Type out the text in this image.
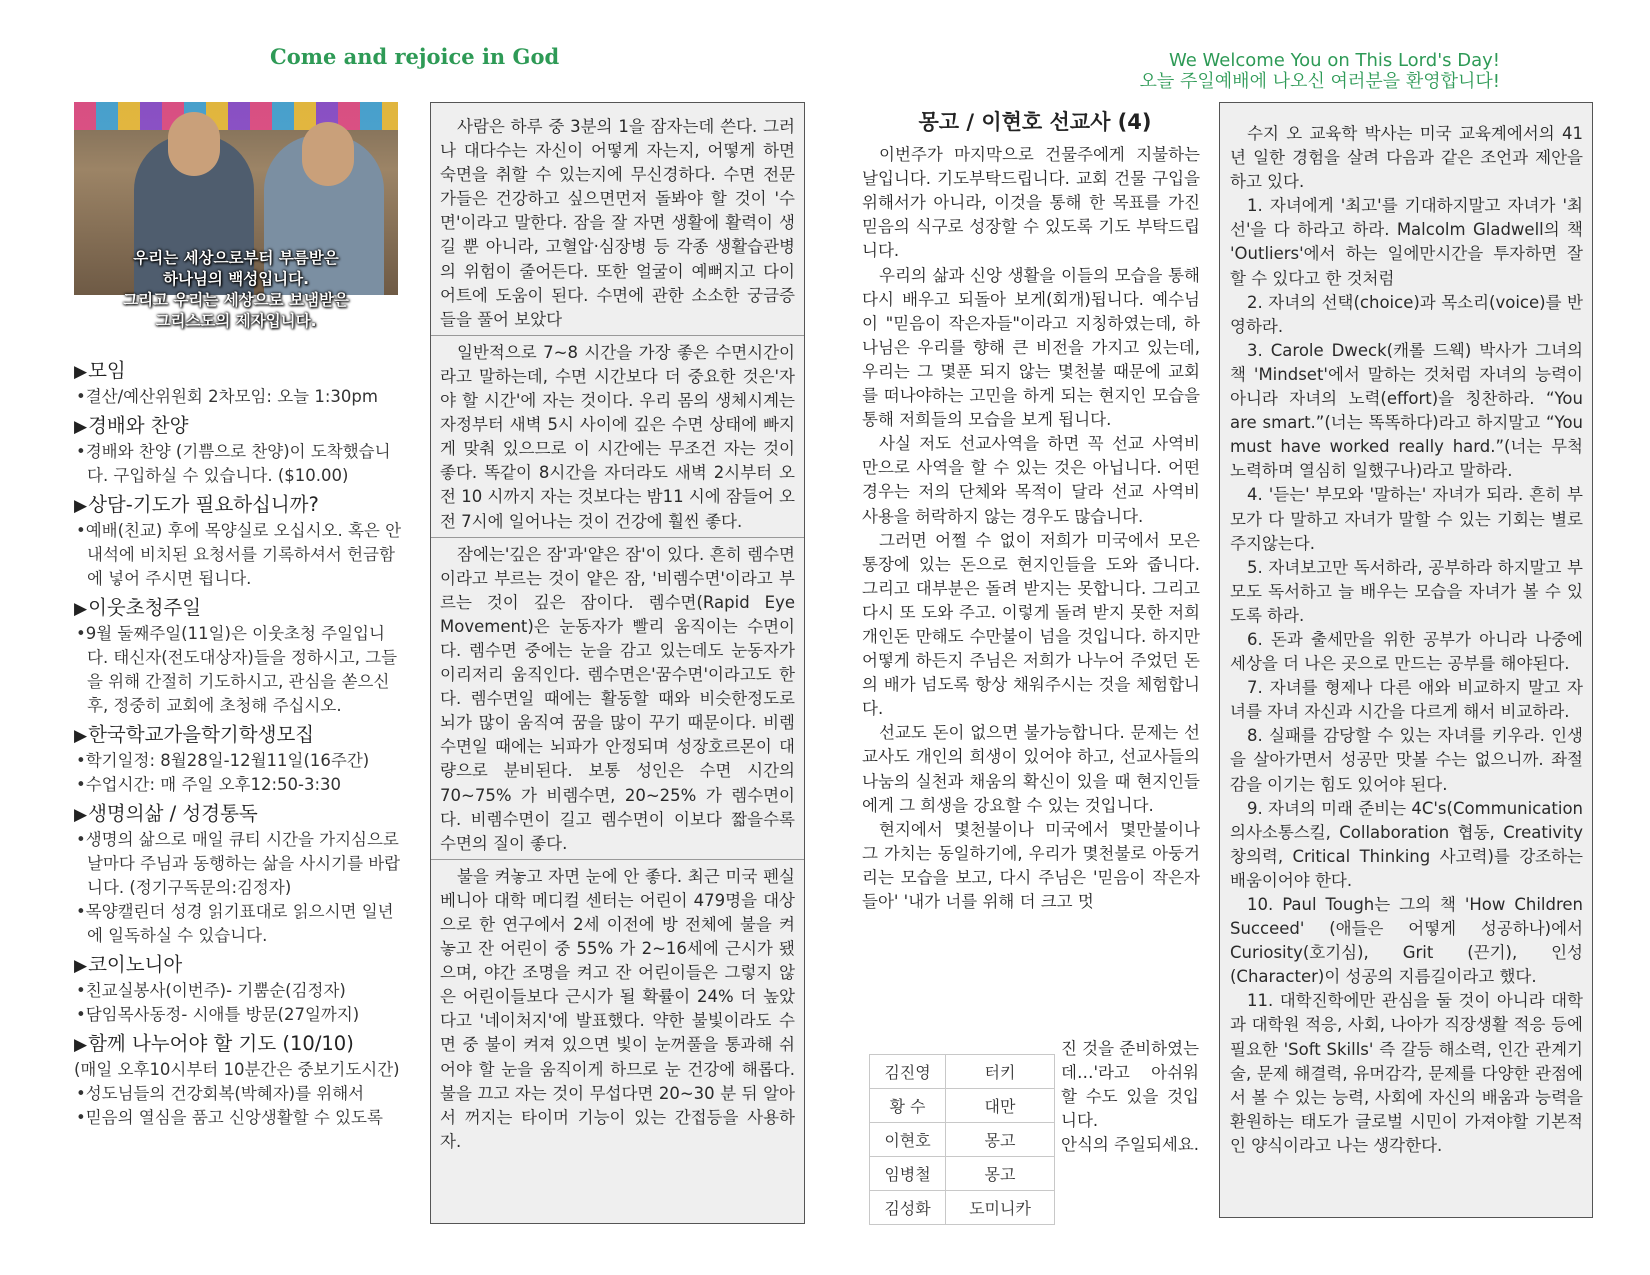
Come and rejoice in God	We Welcome You on This Lord's Day!
오늘 주일예배에 나오신 여러분을 환영합니다!
우리는 세상으로부터 부름받은
하나님의 백성입니다.
그리고 우리는 세상으로 보냄받은
그리스도의 제자입니다.
▶모임
•결산/예산위원회 2차모임: 오늘 1:30pm
▶경배와 찬양
•경배와 찬양 (기쁨으로 찬양)이 도착했습니다. 구입하실 수 있습니다. ($10.00)
▶상담-기도가 필요하십니까?
•예배(친교) 후에 목양실로 오십시오. 혹은 안내석에 비치된 요청서를 기록하셔서 헌금함에 넣어 주시면 됩니다.
▶이웃초청주일
•9월 둘째주일(11일)은 이웃초청 주일입니다. 태신자(전도대상자)들을 정하시고, 그들을 위해 간절히 기도하시고, 관심을 쏟으신 후, 정중히 교회에 초청해 주십시오.
▶한국학교가을학기학생모집
•학기일정: 8월28일-12월11일(16주간)
•수업시간: 매 주일 오후12:50-3:30
▶생명의삶 / 성경통독
•생명의 삶으로 매일 큐티 시간을 가지심으로 날마다 주님과 동행하는 삶을 사시기를 바랍니다. (정기구독문의:김정자)
•목양캘린더 성경 읽기표대로 읽으시면 일년에 일독하실 수 있습니다.
▶코이노니아
•친교실봉사(이번주)- 기뿜순(김정자)
•담임목사동정- 시애틀 방문(27일까지)
▶함께 나누어야 할 기도 (10/10)
(매일 오후10시부터 10분간은 중보기도시간)
•성도님들의 건강회복(박혜자)를 위해서
•믿음의 열심을 품고 신앙생활할 수 있도록

사람은 하루 중 3분의 1을 잠자는데 쓴다. 그러나 대다수는 자신이 어떻게 자는지, 어떻게 하면 숙면을 취할 수 있는지에 무신경하다. 수면 전문가들은 건강하고 싶으면먼저 돌봐야 할 것이 '수면'이라고 말한다. 잠을 잘 자면 생활에 활력이 생길 뿐 아니라, 고혈압·심장병 등 각종 생활습관병의 위험이 줄어든다. 또한 얼굴이 예뻐지고 다이어트에 도움이 된다. 수면에 관한 소소한 궁금증들을 풀어 보았다

일반적으로 7~8 시간을 가장 좋은 수면시간이라고 말하는데, 수면 시간보다 더 중요한 것은'자야 할 시간'에 자는 것이다. 우리 몸의 생체시계는 자정부터 새벽 5시 사이에 깊은 수면 상태에 빠지게 맞춰 있으므로 이 시간에는 무조건 자는 것이 좋다. 똑같이 8시간을 자더라도 새벽 2시부터 오전 10 시까지 자는 것보다는 밤11 시에 잠들어 오전 7시에 일어나는 것이 건강에 훨씬 좋다.

잠에는'깊은 잠'과'얕은 잠'이 있다. 흔히 렘수면이라고 부르는 것이 얕은 잠, '비렘수면'이라고 부르는 것이 깊은 잠이다. 렘수면(Rapid Eye Movement)은 눈동자가 빨리 움직이는 수면이다. 렘수면 중에는 눈을 감고 있는데도 눈동자가 이리저리 움직인다. 렘수면은'꿈수면'이라고도 한다. 렘수면일 때에는 활동할 때와 비슷한정도로 뇌가 많이 움직여 꿈을 많이 꾸기 때문이다. 비렘수면일 때에는 뇌파가 안정되며 성장호르몬이 대량으로 분비된다. 보통 성인은 수면 시간의 70~75% 가 비렘수면, 20~25% 가 렘수면이다. 비렘수면이 길고 렘수면이 이보다 짧을수록 수면의 질이 좋다.

불을 켜놓고 자면 눈에 안 좋다. 최근 미국 펜실베니아 대학 메디컬 센터는 어린이 479명을 대상으로 한 연구에서 2세 이전에 방 전체에 불을 켜놓고 잔 어린이 중 55% 가 2~16세에 근시가 됐으며, 야간 조명을 켜고 잔 어린이들은 그렇지 않은 어린이들보다 근시가 될 확률이 24% 더 높았다고 '네이처지'에 발표했다. 약한 불빛이라도 수면 중 불이 켜져 있으면 빛이 눈꺼풀을 통과해 쉬어야 할 눈을 움직이게 하므로 눈 건강에 해롭다. 불을 끄고 자는 것이 무섭다면 20~30 분 뒤 알아서 꺼지는 타이머 기능이 있는 간접등을 사용하자.

몽고 / 이현호 선교사 (4)

이번주가 마지막으로 건물주에게 지불하는 날입니다. 기도부탁드립니다. 교회 건물 구입을 위해서가 아니라, 이것을 통해 한 목표를 가진 믿음의 식구로 성장할 수 있도록 기도 부탁드립니다.

우리의 삶과 신앙 생활을 이들의 모습을 통해 다시 배우고 되돌아 보게(회개)됩니다. 예수님이 "믿음이 작은자들"이라고 지칭하였는데, 하나님은 우리를 향해 큰 비전을 가지고 있는데, 우리는 그 몇푼 되지 않는 몇천불 때문에 교회를 떠나야하는 고민을 하게 되는 현지인 모습을 통해 저희들의 모습을 보게 됩니다.

사실 저도 선교사역을 하면 꼭 선교 사역비 만으로 사역을 할 수 있는 것은 아닙니다. 어떤 경우는 저의 단체와 목적이 달라 선교 사역비 사용을 허락하지 않는 경우도 많습니다.

그러면 어쩔 수 없이 저희가 미국에서 모은 통장에 있는 돈으로 현지인들을 도와 줍니다. 그리고 대부분은 돌려 받지는 못합니다. 그리고 다시 또 도와 주고. 이렇게 돌려 받지 못한 저희 개인돈 만해도 수만불이 넘을 것입니다. 하지만 어떻게 하든지 주님은 저희가 나누어 주었던 돈의 배가 넘도록 항상 채워주시는 것을 체험합니다.

선교도 돈이 없으면 불가능합니다. 문제는 선교사도 개인의 희생이 있어야 하고, 선교사들의 나눔의 실천과 채움의 확신이 있을 때 현지인들에게 그 희생을 강요할 수 있는 것입니다.

현지에서 몇천불이나 미국에서 몇만불이나 그 가치는 동일하기에, 우리가 몇천불로 아둥거리는 모습을 보고, 다시 주님은 '믿음이 작은자들아' '내가 너를 위해 더 크고 멋

진 것을 준비하였는데…'라고 아쉬워 할 수도 있을 것입니다.
안식의 주일되세요.
김진영	터키
황 수	대만
이현호	몽고
임병철	몽고
김성화	도미니카

수지 오 교육학 박사는 미국 교육계에서의 41년 일한 경험을 살려 다음과 같은 조언과 제안을 하고 있다.

1. 자녀에게 '최고'를 기대하지말고 자녀가 '최선'을 다 하라고 하라. Malcolm Gladwell의 책 'Outliers'에서 하는 일에만시간을 투자하면 잘 할 수 있다고 한 것처럼

2. 자녀의 선택(choice)과 목소리(voice)를 반영하라.

3. Carole Dweck(캐롤 드웩) 박사가 그녀의 책 'Mindset'에서 말하는 것처럼 자녀의 능력이 아니라 자녀의 노력(effort)을 칭찬하라. “You are smart.”(너는 똑똑하다)라고 하지말고 “You must have worked really hard.”(너는 무척 노력하며 열심히 일했구나)라고 말하라.

4. '듣는' 부모와 '말하는' 자녀가 되라. 흔히 부모가 다 말하고 자녀가 말할 수 있는 기회는 별로 주지않는다.

5. 자녀보고만 독서하라, 공부하라 하지말고 부모도 독서하고 늘 배우는 모습을 자녀가 볼 수 있도록 하라.

6. 돈과 출세만을 위한 공부가 아니라 나중에 세상을 더 나은 곳으로 만드는 공부를 해야된다.

7. 자녀를 형제나 다른 애와 비교하지 말고 자녀를 자녀 자신과 시간을 다르게 해서 비교하라.

8. 실패를 감당할 수 있는 자녀를 키우라. 인생을 살아가면서 성공만 맛볼 수는 없으니까. 좌절감을 이기는 힘도 있어야 된다.

9. 자녀의 미래 준비는 4C's(Communication 의사소통스킬, Collaboration 협동, Creativity 창의력, Critical Thinking 사고력)를 강조하는 배움이어야 한다.

10. Paul Tough는 그의 책 'How Children Succeed' (애들은 어떻게 성공하나)에서 Curiosity(호기심), Grit (끈기), 인성(Character)이 성공의 지름길이라고 했다.

11. 대학진학에만 관심을 둘 것이 아니라 대학과 대학원 적응, 사회, 나아가 직장생활 적응 등에 필요한 'Soft Skills' 즉 갈등 해소력, 인간 관계기술, 문제 해결력, 유머감각, 문제를 다양한 관점에서 볼 수 있는 능력, 사회에 자신의 배움과 능력을 환원하는 태도가 글로벌 시민이 가져야할 기본적인 양식이라고 나는 생각한다.
